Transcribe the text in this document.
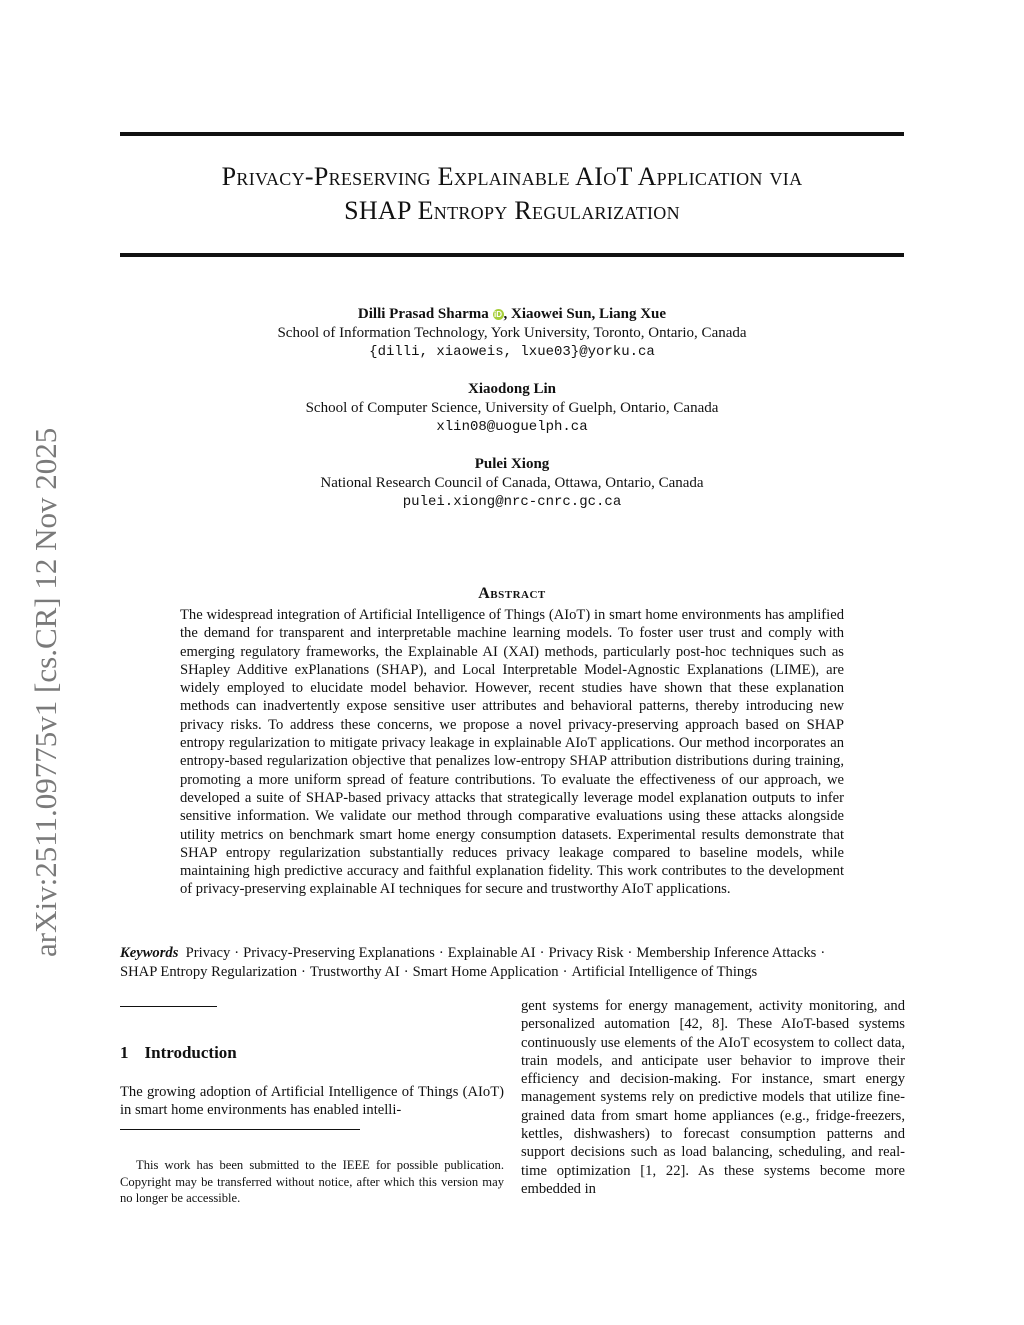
arXiv:2511.09775v1 [cs.CR] 12 Nov 2025
Privacy-Preserving Explainable AIoT Application via
SHAP Entropy Regularization
Dilli Prasad Sharma iD , Xiaowei Sun, Liang Xue
School of Information Technology, York University, Toronto, Ontario, Canada
{dilli, xiaoweis, lxue03}@yorku.ca
Xiaodong Lin
School of Computer Science, University of Guelph, Ontario, Canada
xlin08@uoguelph.ca
Pulei Xiong
National Research Council of Canada, Ottawa, Ontario, Canada
pulei.xiong@nrc-cnrc.gc.ca
Abstract
The widespread integration of Artificial Intelligence of Things (AIoT) in smart home environments has amplified the demand for transparent and interpretable machine learning models. To foster user trust and comply with emerging regulatory frameworks, the Explainable AI (XAI) methods, particularly post-hoc techniques such as SHapley Additive exPlanations (SHAP), and Local Interpretable Model-Agnostic Explanations (LIME), are widely employed to elucidate model behavior. However, recent studies have shown that these explanation methods can inadvertently expose sensitive user attributes and behavioral patterns, thereby introducing new privacy risks. To address these concerns, we propose a novel privacy-preserving approach based on SHAP entropy regularization to mitigate privacy leakage in explainable AIoT applications. Our method incorporates an entropy-based regularization objective that penalizes low-entropy SHAP attribution distributions during training, promoting a more uniform spread of feature contributions. To evaluate the effectiveness of our approach, we developed a suite of SHAP-based privacy attacks that strategically leverage model explanation outputs to infer sensitive information. We validate our method through comparative evaluations using these attacks alongside utility metrics on benchmark smart home energy consumption datasets. Experimental results demonstrate that SHAP entropy regularization substantially reduces privacy leakage compared to baseline models, while maintaining high predictive accuracy and faithful explanation fidelity. This work contributes to the development of privacy-preserving explainable AI techniques for secure and trustworthy AIoT applications.
Keywords Privacy · Privacy-Preserving Explanations · Explainable AI · Privacy Risk · Membership Inference Attacks ·
SHAP Entropy Regularization · Trustworthy AI · Smart Home Application · Artificial Intelligence of Things
1 Introduction
The growing adoption of Artificial Intelligence of Things (AIoT) in smart home environments has enabled intelli-
This work has been submitted to the IEEE for possible publication. Copyright may be transferred without notice, after which this version may no longer be accessible.
gent systems for energy management, activity monitoring, and personalized automation [42, 8]. These AIoT-based systems continuously use elements of the AIoT ecosystem to collect data, train models, and anticipate user behavior to improve their efficiency and decision-making. For instance, smart energy management systems rely on predictive models that utilize fine-grained data from smart home appliances (e.g., fridge-freezers, kettles, dishwashers) to forecast consumption patterns and support decisions such as load balancing, scheduling, and real-time optimization [1, 22]. As these systems become more embedded in
